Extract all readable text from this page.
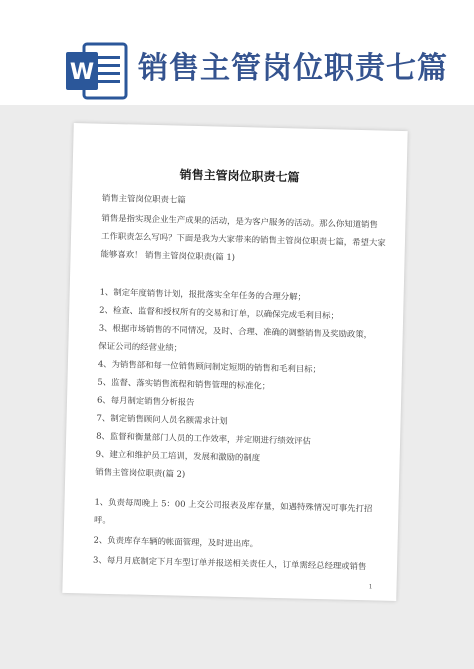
W 销售主管岗位职责七篇
销售主管岗位职责七篇
销售主管岗位职责七篇
销售是指实现企业生产成果的活动，是为客户服务的活动。那么你知道销售
工作职责怎么写吗？下面是我为大家带来的销售主管岗位职责七篇，希望大家
能够喜欢！ 销售主管岗位职责(篇 1)
1、制定年度销售计划，报批落实全年任务的合理分解；
2、检查、监督和授权所有的交易和订单，以确保完成毛利目标；
3、根据市场销售的不同情况，及时、合理、准确的调整销售及奖励政策，
保证公司的经营业绩；
4、为销售部和每一位销售顾问制定短期的销售和毛利目标；
5、监督、落实销售流程和销售管理的标准化；
6、每月制定销售分析报告
7、制定销售顾问人员名额需求计划
8、监督和衡量部门人员的工作效率，并定期进行绩效评估
9、建立和维护员工培训，发展和激励的制度
销售主管岗位职责(篇 2)
1、负责每周晚上 5：00 上交公司报表及库存量，如遇特殊情况可事先打招
呼。
2、负责库存车辆的帐面管理，及时进出库。
3、每月月底制定下月车型订单并报送相关责任人，订单需经总经理或销售
1
